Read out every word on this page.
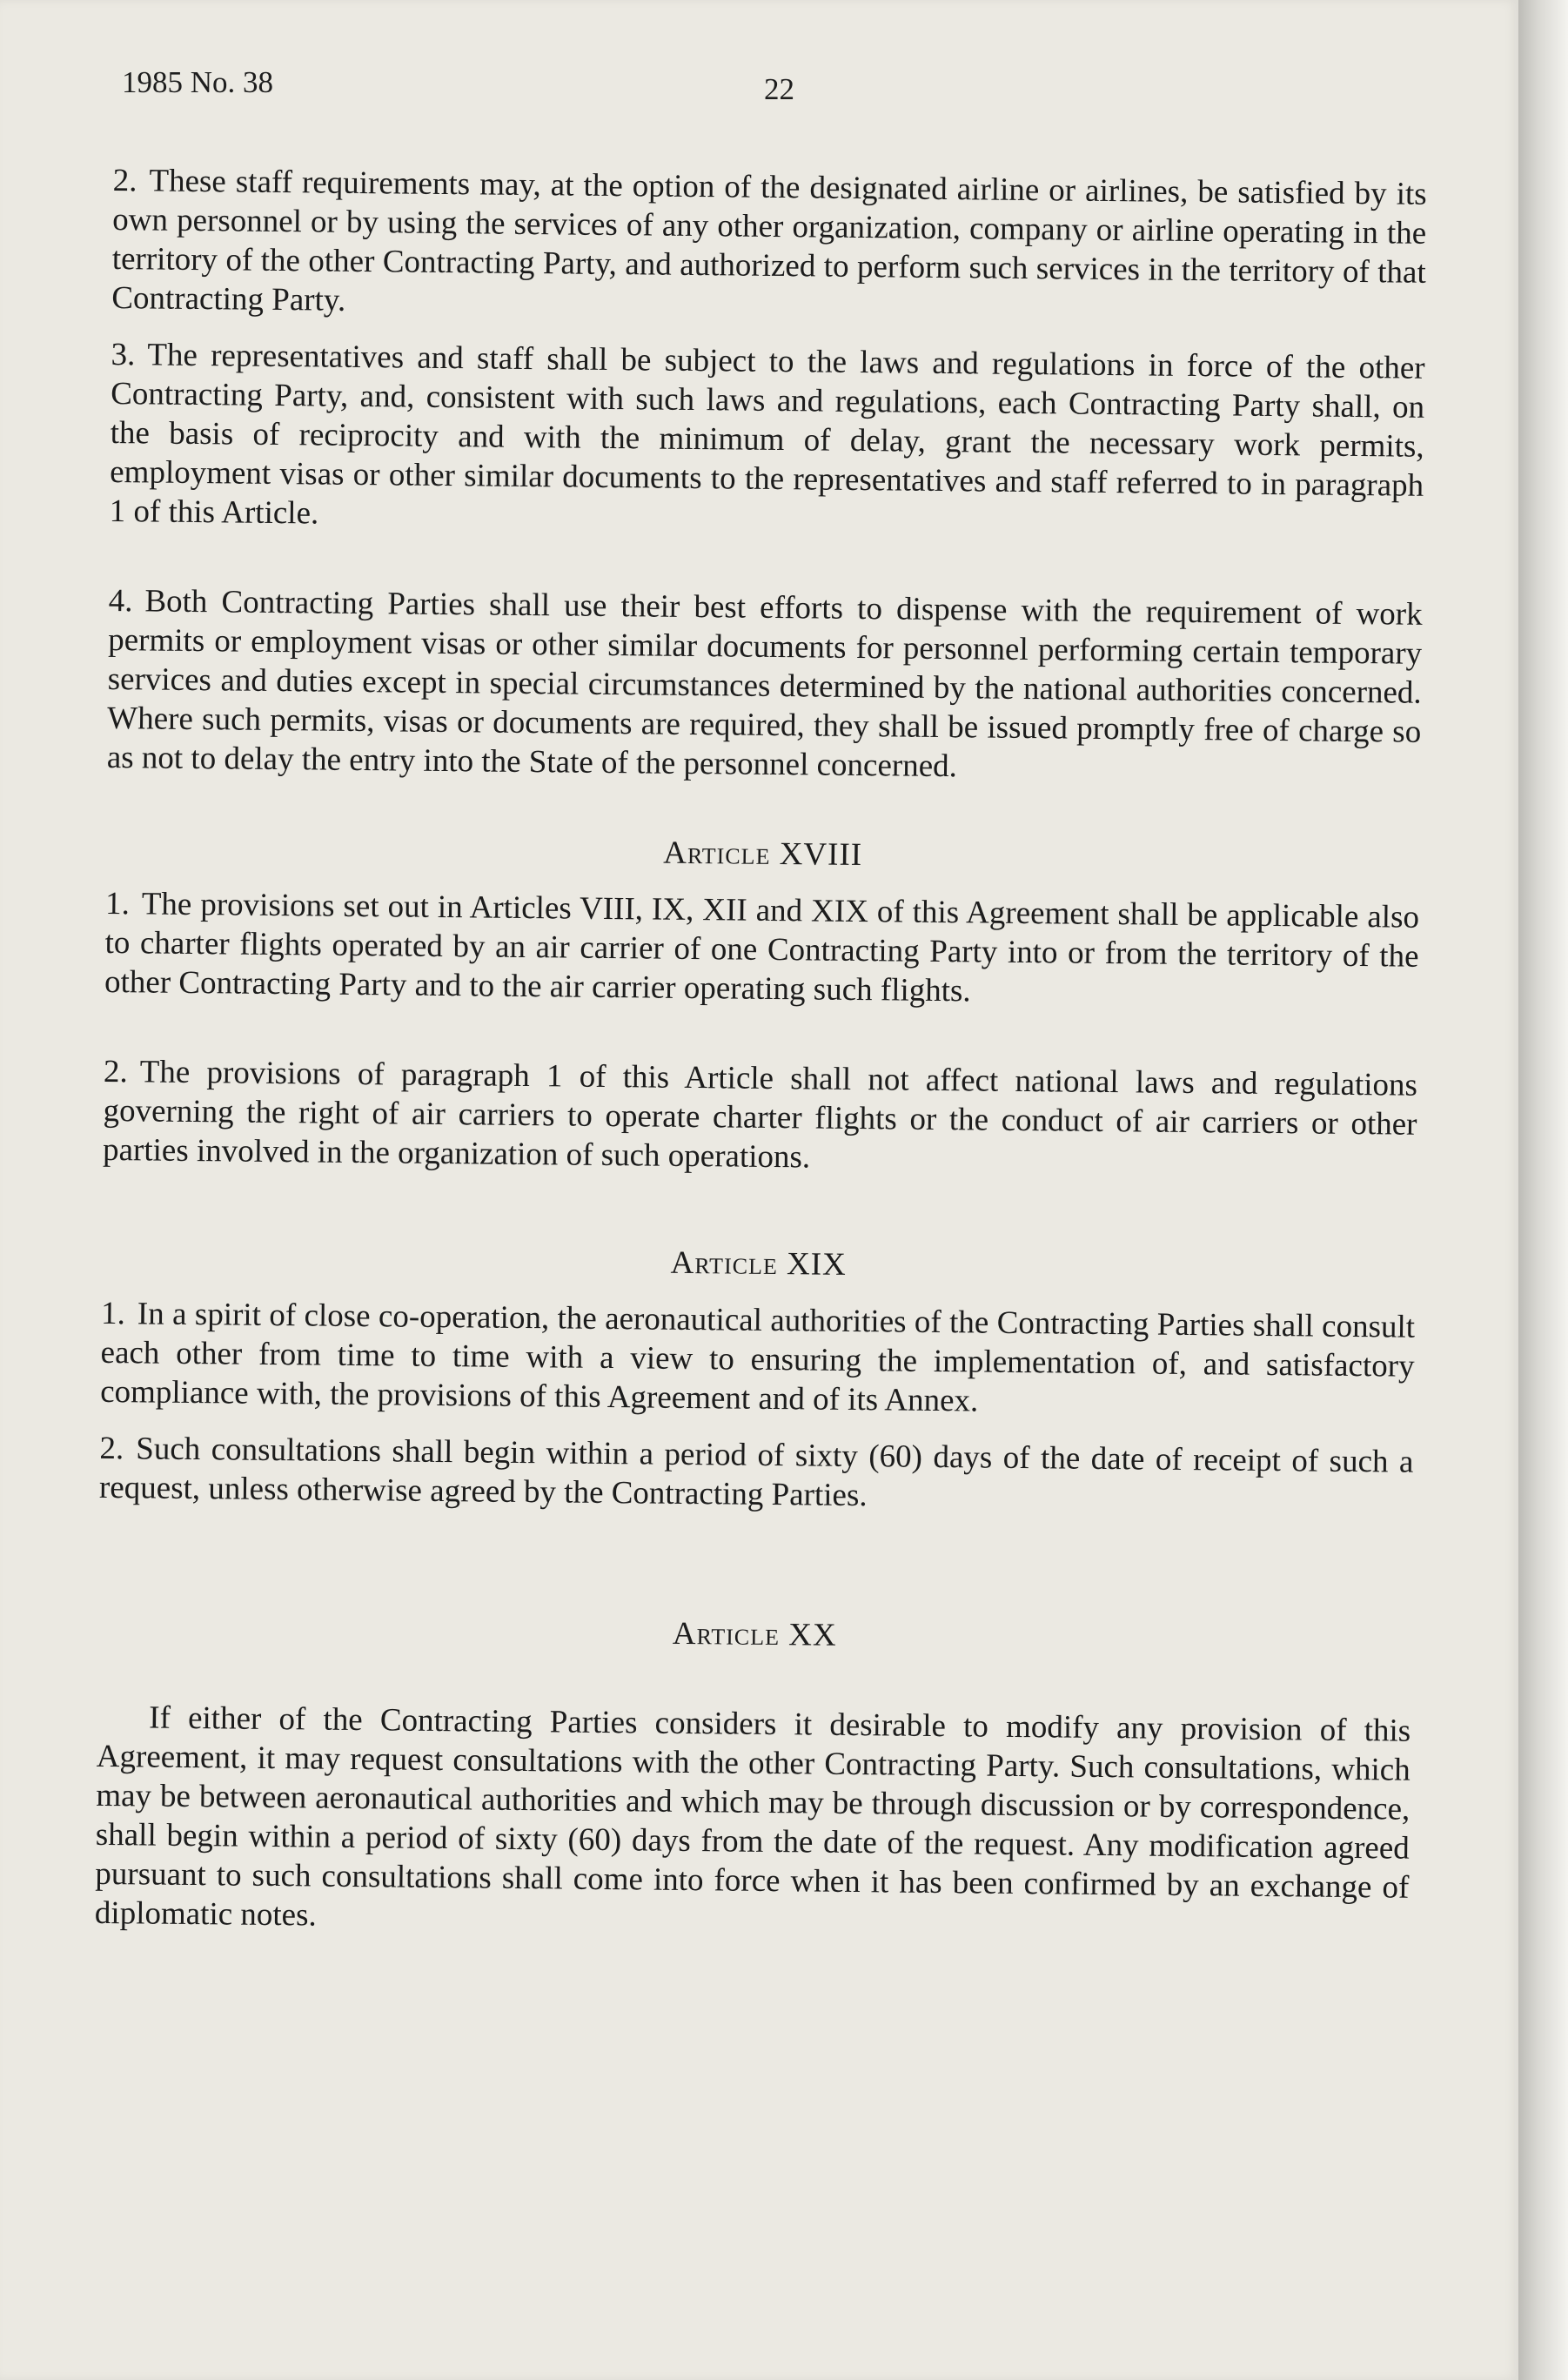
1985 No. 38	22

2. These staff requirements may, at the option of the designated airline or airlines, be satisfied by its own personnel or by using the services of any other organization, company or airline operating in the territory of the other Contracting Party, and authorized to perform such services in the territory of that Contracting Party.

3. The representatives and staff shall be subject to the laws and regulations in force of the other Contracting Party, and, consistent with such laws and regulations, each Contracting Party shall, on the basis of reciprocity and with the minimum of delay, grant the necessary work permits, employment visas or other similar documents to the representatives and staff referred to in paragraph 1 of this Article.

4. Both Contracting Parties shall use their best efforts to dispense with the requirement of work permits or employment visas or other similar documents for personnel performing certain temporary services and duties except in special circumstances determined by the national authorities concerned. Where such permits, visas or documents are required, they shall be issued promptly free of charge so as not to delay the entry into the State of the personnel concerned.

Article XVIII

1. The provisions set out in Articles VIII, IX, XII and XIX of this Agreement shall be applicable also to charter flights operated by an air carrier of one Contracting Party into or from the territory of the other Contracting Party and to the air carrier operating such flights.

2. The provisions of paragraph 1 of this Article shall not affect national laws and regulations governing the right of air carriers to operate charter flights or the conduct of air carriers or other parties involved in the organization of such operations.

Article XIX

1. In a spirit of close co-operation, the aeronautical authorities of the Contracting Parties shall consult each other from time to time with a view to ensuring the implementation of, and satisfactory compliance with, the provisions of this Agreement and of its Annex.

2. Such consultations shall begin within a period of sixty (60) days of the date of receipt of such a request, unless otherwise agreed by the Contracting Parties.

Article XX

If either of the Contracting Parties considers it desirable to modify any provision of this Agreement, it may request consultations with the other Contracting Party. Such consultations, which may be between aeronautical authorities and which may be through discussion or by correspondence, shall begin within a period of sixty (60) days from the date of the request. Any modification agreed pursuant to such consultations shall come into force when it has been confirmed by an exchange of diplomatic notes.
